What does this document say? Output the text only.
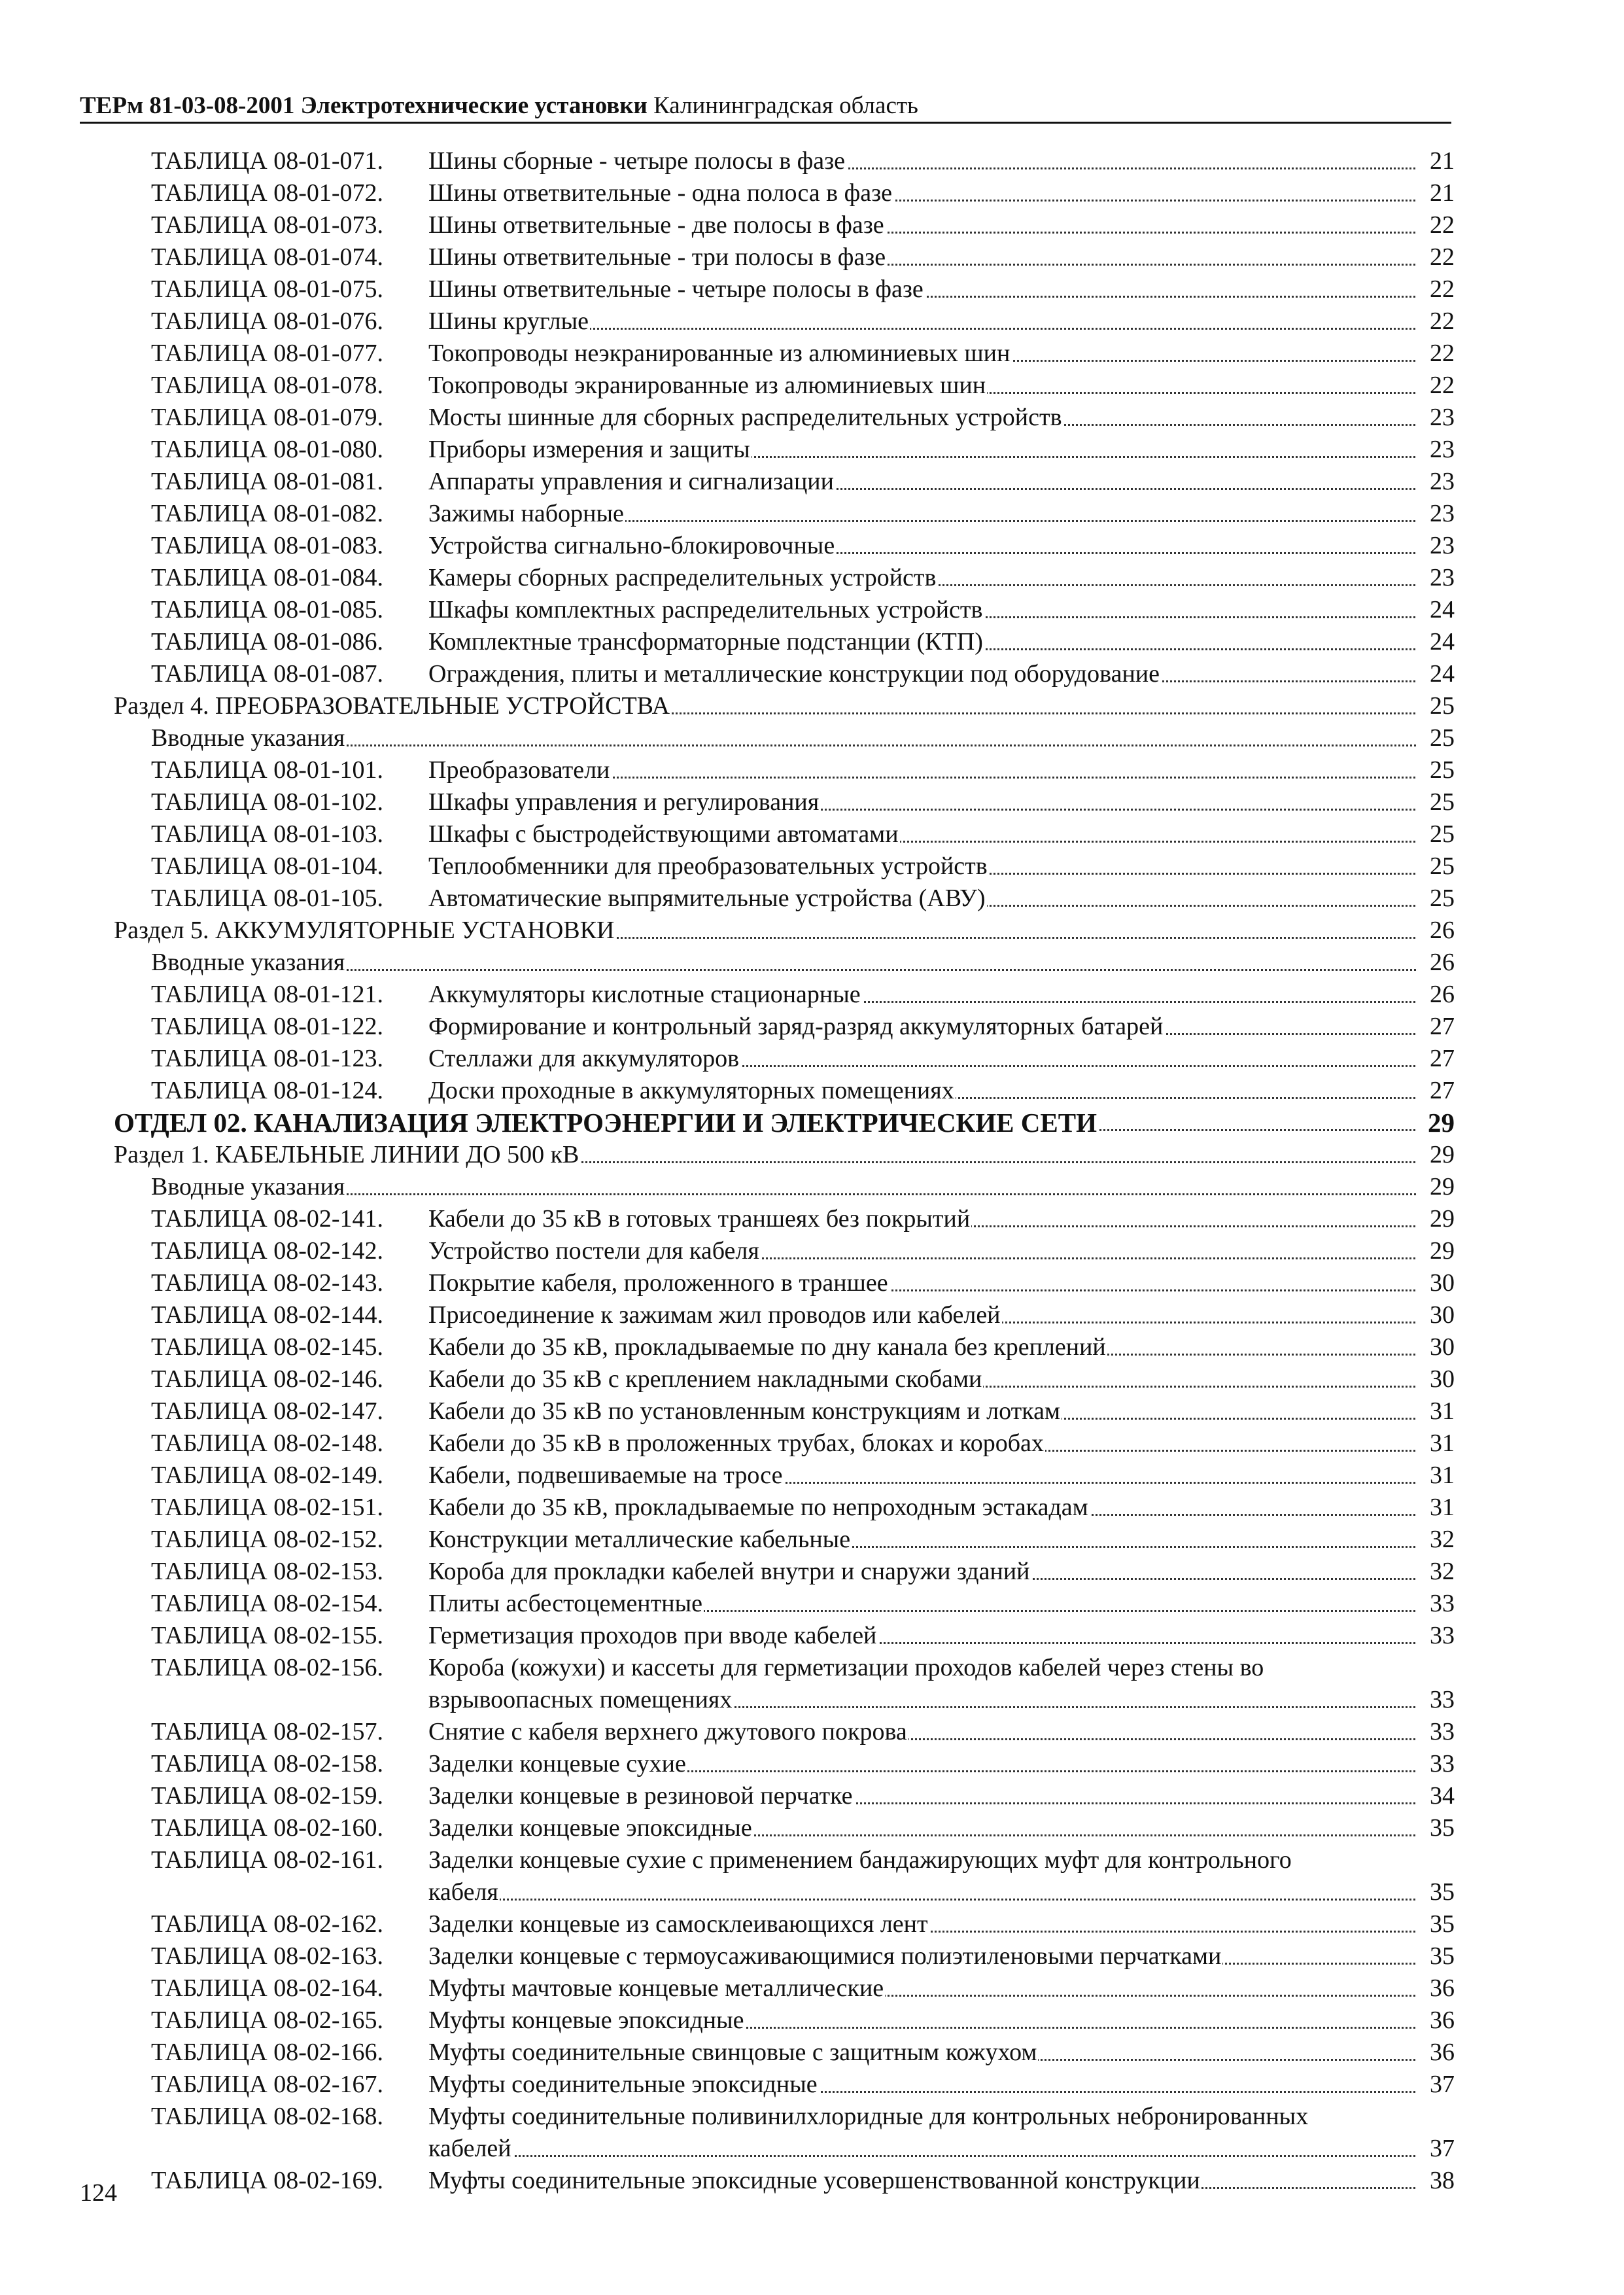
ТЕРм 81-03-08-2001 Электротехнические установки Калининградская область
ТАБЛИЦА 08-01-071. Шины сборные - четыре полосы в фазе	21
ТАБЛИЦА 08-01-072. Шины ответвительные - одна полоса в фазе	21
ТАБЛИЦА 08-01-073. Шины ответвительные - две полосы в фазе	22
ТАБЛИЦА 08-01-074. Шины ответвительные - три полосы в фазе	22
ТАБЛИЦА 08-01-075. Шины ответвительные - четыре полосы в фазе	22
ТАБЛИЦА 08-01-076. Шины круглые	22
ТАБЛИЦА 08-01-077. Токопроводы неэкранированные из алюминиевых шин	22
ТАБЛИЦА 08-01-078. Токопроводы экранированные из алюминиевых шин	22
ТАБЛИЦА 08-01-079. Мосты шинные для сборных распределительных устройств	23
ТАБЛИЦА 08-01-080. Приборы измерения и защиты	23
ТАБЛИЦА 08-01-081. Аппараты управления и сигнализации	23
ТАБЛИЦА 08-01-082. Зажимы наборные	23
ТАБЛИЦА 08-01-083. Устройства сигнально-блокировочные	23
ТАБЛИЦА 08-01-084. Камеры сборных распределительных устройств	23
ТАБЛИЦА 08-01-085. Шкафы комплектных распределительных устройств	24
ТАБЛИЦА 08-01-086. Комплектные трансформаторные подстанции (КТП)	24
ТАБЛИЦА 08-01-087. Ограждения, плиты и металлические конструкции под оборудование	24
Раздел 4. ПРЕОБРАЗОВАТЕЛЬНЫЕ УСТРОЙСТВА	25
Вводные указания	25
ТАБЛИЦА 08-01-101. Преобразователи	25
ТАБЛИЦА 08-01-102. Шкафы управления и регулирования	25
ТАБЛИЦА 08-01-103. Шкафы с быстродействующими автоматами	25
ТАБЛИЦА 08-01-104. Теплообменники для преобразовательных устройств	25
ТАБЛИЦА 08-01-105. Автоматические выпрямительные устройства (АВУ)	25
Раздел 5. АККУМУЛЯТОРНЫЕ УСТАНОВКИ	26
Вводные указания	26
ТАБЛИЦА 08-01-121. Аккумуляторы кислотные стационарные	26
ТАБЛИЦА 08-01-122. Формирование и контрольный заряд-разряд аккумуляторных батарей	27
ТАБЛИЦА 08-01-123. Стеллажи для аккумуляторов	27
ТАБЛИЦА 08-01-124. Доски проходные в аккумуляторных помещениях	27
ОТДЕЛ 02. КАНАЛИЗАЦИЯ ЭЛЕКТРОЭНЕРГИИ И ЭЛЕКТРИЧЕСКИЕ СЕТИ	29
Раздел 1. КАБЕЛЬНЫЕ ЛИНИИ ДО 500 кВ	29
Вводные указания	29
ТАБЛИЦА 08-02-141. Кабели до 35 кВ в готовых траншеях без покрытий	29
ТАБЛИЦА 08-02-142. Устройство постели для кабеля	29
ТАБЛИЦА 08-02-143. Покрытие кабеля, проложенного в траншее	30
ТАБЛИЦА 08-02-144. Присоединение к зажимам жил проводов или кабелей	30
ТАБЛИЦА 08-02-145. Кабели до 35 кВ, прокладываемые по дну канала без креплений	30
ТАБЛИЦА 08-02-146. Кабели до 35 кВ с креплением накладными скобами	30
ТАБЛИЦА 08-02-147. Кабели до 35 кВ по установленным конструкциям и лоткам	31
ТАБЛИЦА 08-02-148. Кабели до 35 кВ в проложенных трубах, блоках и коробах	31
ТАБЛИЦА 08-02-149. Кабели, подвешиваемые на тросе	31
ТАБЛИЦА 08-02-151. Кабели до 35 кВ, прокладываемые по непроходным эстакадам	31
ТАБЛИЦА 08-02-152. Конструкции металлические кабельные	32
ТАБЛИЦА 08-02-153. Короба для прокладки кабелей внутри и снаружи зданий	32
ТАБЛИЦА 08-02-154. Плиты асбестоцементные	33
ТАБЛИЦА 08-02-155. Герметизация проходов при вводе кабелей	33
ТАБЛИЦА 08-02-156. Короба (кожухи) и кассеты для герметизации проходов кабелей через стены во
взрывоопасных помещениях	33
ТАБЛИЦА 08-02-157. Снятие с кабеля верхнего джутового покрова	33
ТАБЛИЦА 08-02-158. Заделки концевые сухие	33
ТАБЛИЦА 08-02-159. Заделки концевые в резиновой перчатке	34
ТАБЛИЦА 08-02-160. Заделки концевые эпоксидные	35
ТАБЛИЦА 08-02-161. Заделки концевые сухие с применением бандажирующих муфт для контрольного
кабеля	35
ТАБЛИЦА 08-02-162. Заделки концевые из самосклеивающихся лент	35
ТАБЛИЦА 08-02-163. Заделки концевые с термоусаживающимися полиэтиленовыми перчатками	35
ТАБЛИЦА 08-02-164. Муфты мачтовые концевые металлические	36
ТАБЛИЦА 08-02-165. Муфты концевые эпоксидные	36
ТАБЛИЦА 08-02-166. Муфты соединительные свинцовые с защитным кожухом	36
ТАБЛИЦА 08-02-167. Муфты соединительные эпоксидные	37
ТАБЛИЦА 08-02-168. Муфты соединительные поливинилхлоридные для контрольных небронированных
кабелей	37
ТАБЛИЦА 08-02-169. Муфты соединительные эпоксидные усовершенствованной конструкции	38
124
